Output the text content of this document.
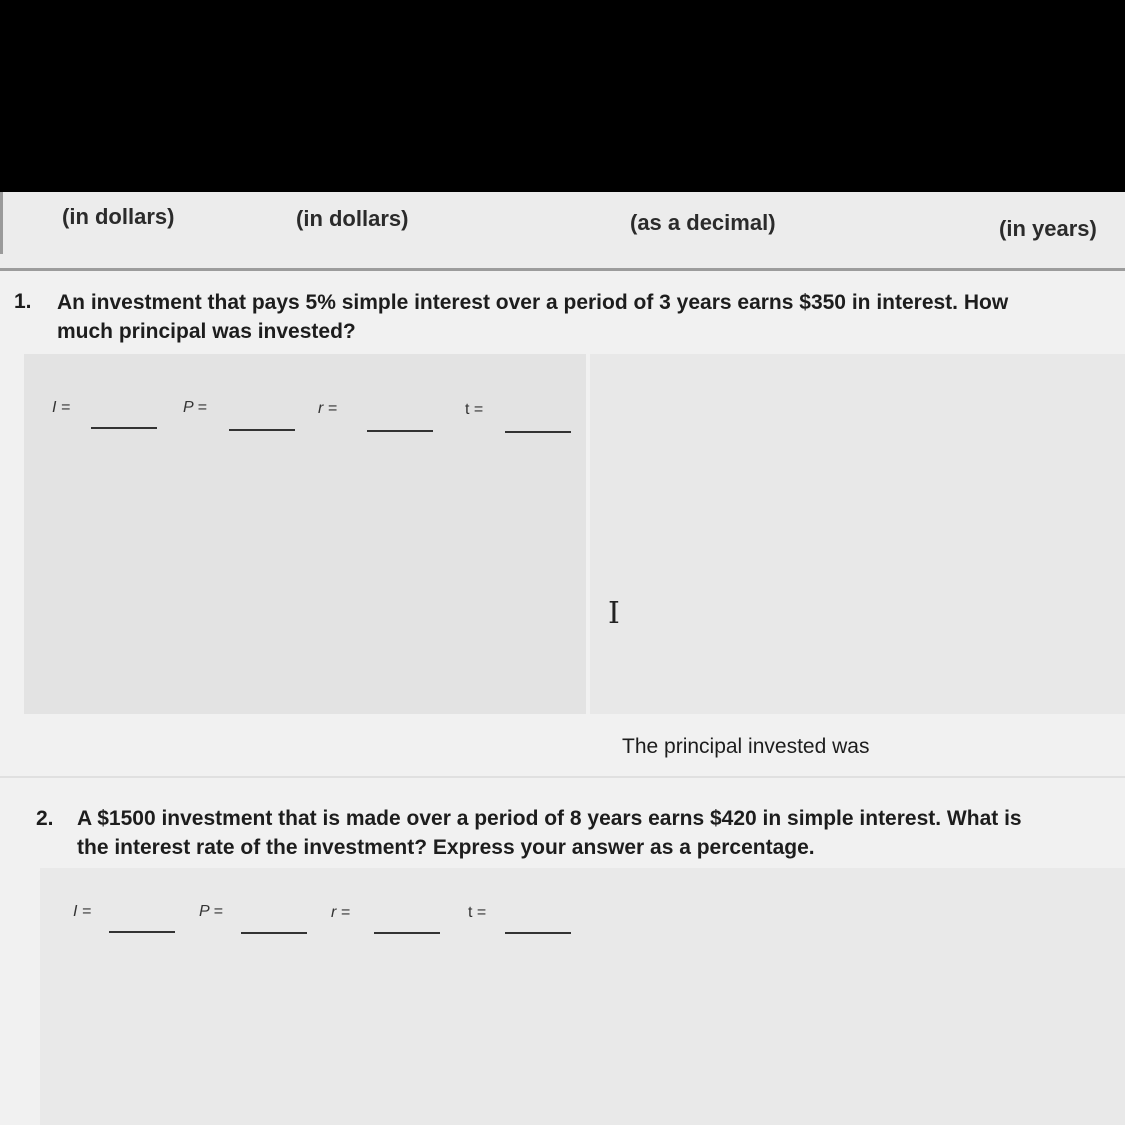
(in dollars)	(in dollars)	(as a decimal)	(in years)
1. An investment that pays 5% simple interest over a period of 3 years earns $350 in interest. How
much principal was invested?
I =	P =	r =	t =
I
The principal invested was
2. A $1500 investment that is made over a period of 8 years earns $420 in simple interest. What is
the interest rate of the investment? Express your answer as a percentage.
I =	P =	r =	t =
